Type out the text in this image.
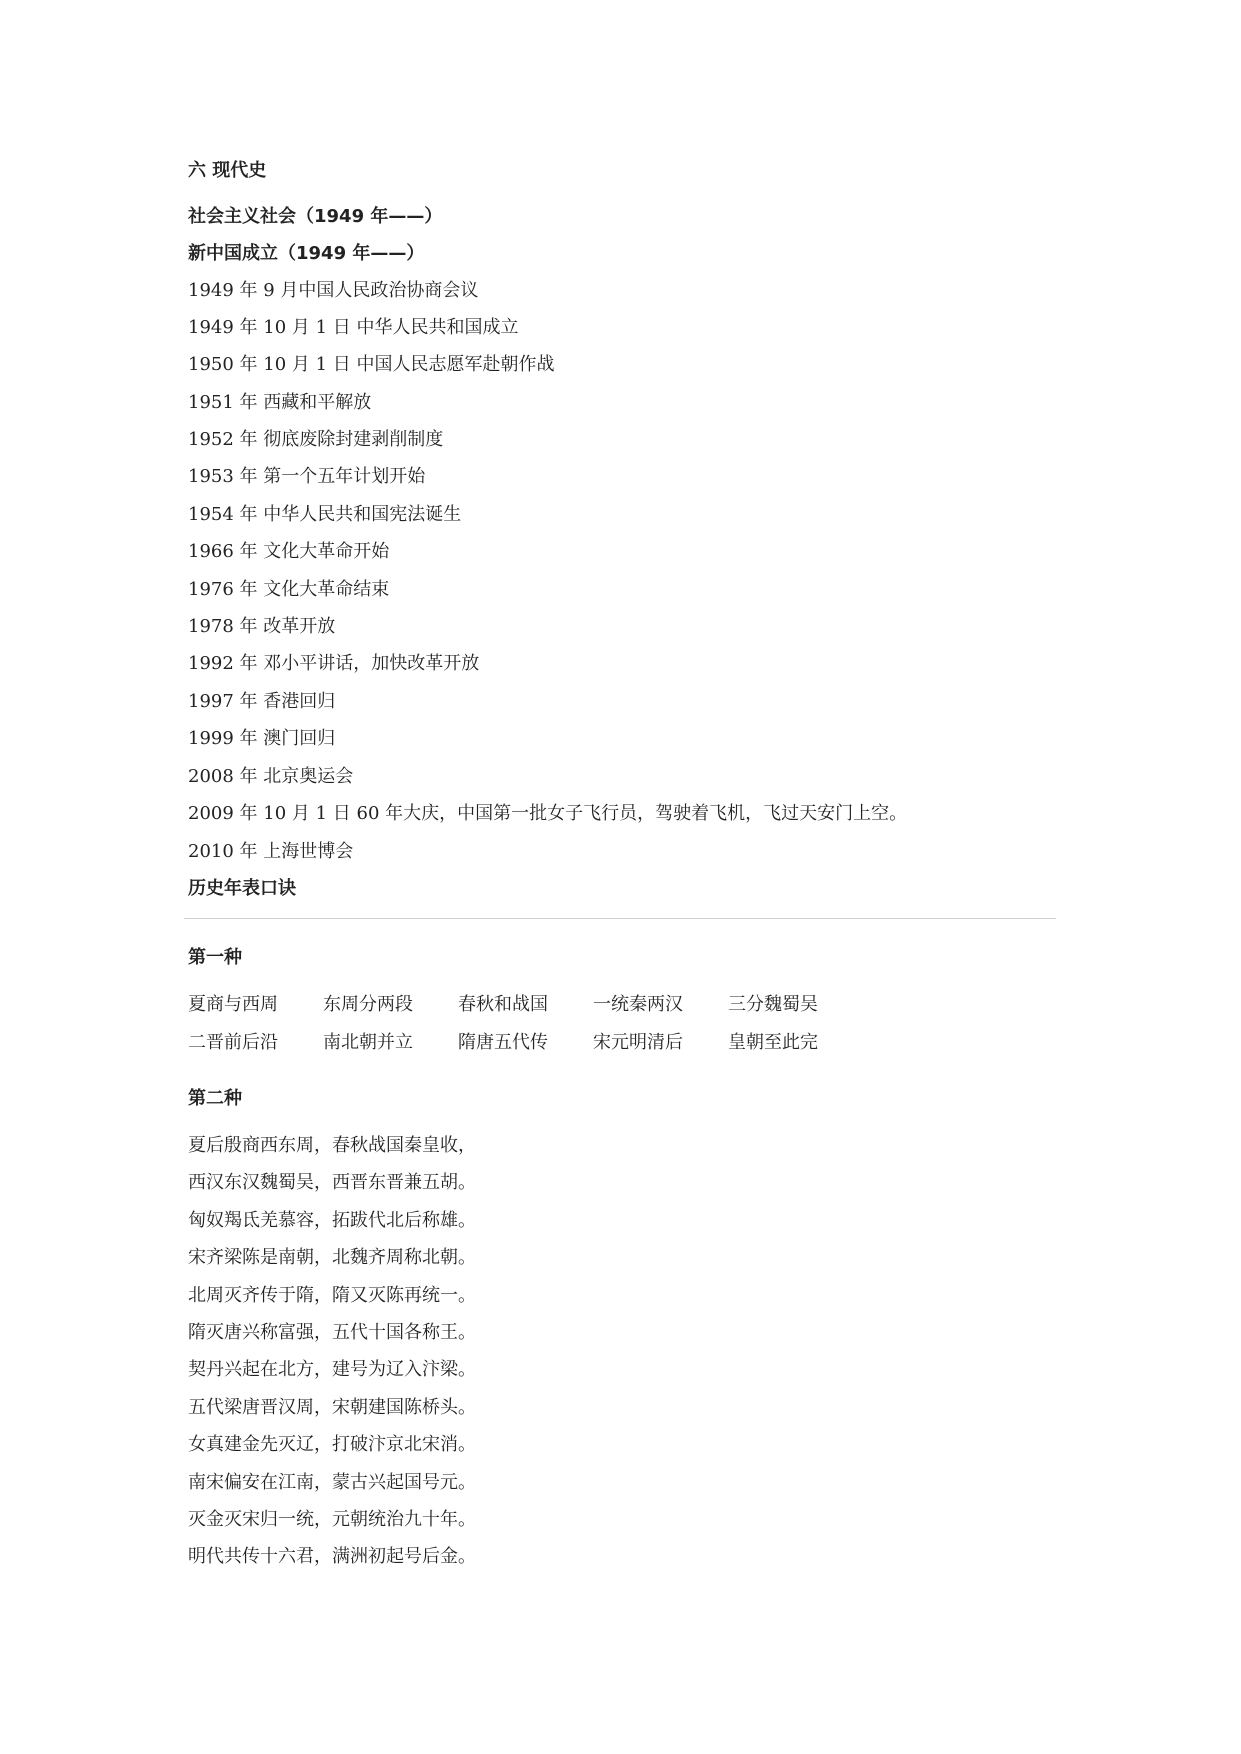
六 现代史
社会主义社会（1949 年——）
新中国成立（1949 年——）
1949 年 9 月中国人民政治协商会议
1949 年 10 月 1 日 中华人民共和国成立
1950 年 10 月 1 日 中国人民志愿军赴朝作战
1951 年 西藏和平解放
1952 年 彻底废除封建剥削制度
1953 年 第一个五年计划开始
1954 年 中华人民共和国宪法诞生
1966 年 文化大革命开始
1976 年 文化大革命结束
1978 年 改革开放
1992 年 邓小平讲话，加快改革开放
1997 年 香港回归
1999 年 澳门回归
2008 年 北京奥运会
2009 年 10 月 1 日 60 年大庆，中国第一批女子飞行员，驾驶着飞机，飞过天安门上空。
2010 年 上海世博会
历史年表口诀
第一种
夏商与西周	东周分两段	春秋和战国	一统秦两汉	三分魏蜀吴
二晋前后沿	南北朝并立	隋唐五代传	宋元明清后	皇朝至此完
第二种
夏后殷商西东周，春秋战国秦皇收，
西汉东汉魏蜀吴，西晋东晋兼五胡。
匈奴羯氐羌慕容，拓跋代北后称雄。
宋齐梁陈是南朝，北魏齐周称北朝。
北周灭齐传于隋，隋又灭陈再统一。
隋灭唐兴称富强，五代十国各称王。
契丹兴起在北方，建号为辽入汴梁。
五代梁唐晋汉周，宋朝建国陈桥头。
女真建金先灭辽，打破汴京北宋消。
南宋偏安在江南，蒙古兴起国号元。
灭金灭宋归一统，元朝统治九十年。
明代共传十六君，满洲初起号后金。
